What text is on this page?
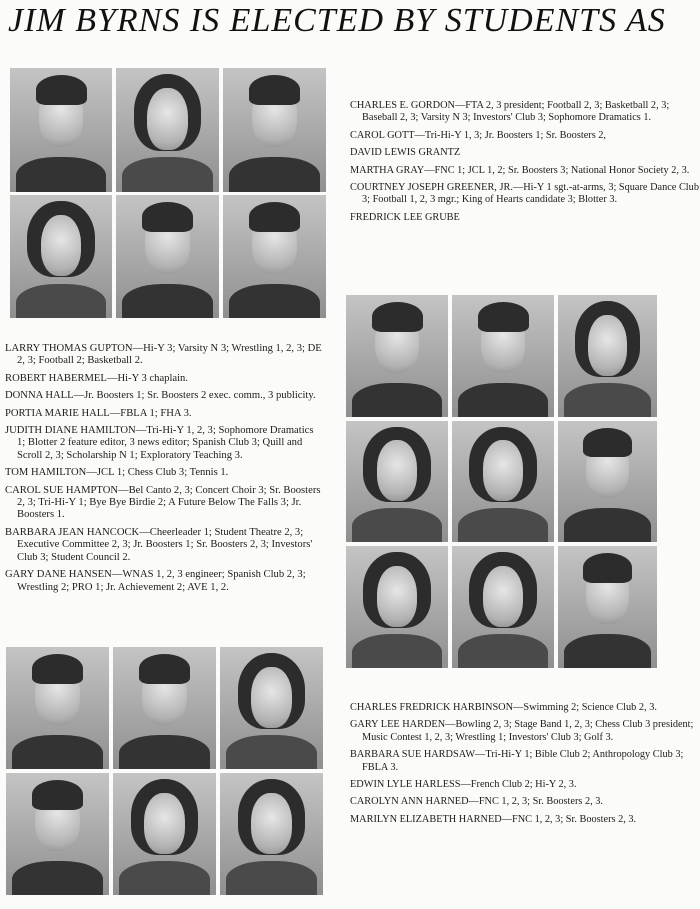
JIM BYRNS IS ELECTED BY STUDENTS AS
CHARLES E. GORDON—FTA 2, 3 president; Football 2, 3; Basketball 2, 3; Baseball 2, 3; Varsity N 3; Investors' Club 3; Sophomore Dramatics 1.
CAROL GOTT—Tri-Hi-Y 1, 3; Jr. Boosters 1; Sr. Boosters 2,
DAVID LEWIS GRANTZ
MARTHA GRAY—FNC 1; JCL 1, 2; Sr. Boosters 3; National Honor Society 2, 3.
COURTNEY JOSEPH GREENER, JR.—Hi-Y 1 sgt.-at-arms, 3; Square Dance Club 3; Football 1, 2, 3 mgr.; King of Hearts candidate 3; Blotter 3.
FREDRICK LEE GRUBE
LARRY THOMAS GUPTON—Hi-Y 3; Varsity N 3; Wrestling 1, 2, 3; DE 2, 3; Football 2; Basketball 2.
ROBERT HABERMEL—Hi-Y 3 chaplain.
DONNA HALL—Jr. Boosters 1; Sr. Boosters 2 exec. comm., 3 publicity.
PORTIA MARIE HALL—FBLA 1; FHA 3.
JUDITH DIANE HAMILTON—Tri-Hi-Y 1, 2, 3; Sophomore Dramatics 1; Blotter 2 feature editor, 3 news editor; Spanish Club 3; Quill and Scroll 2, 3; Scholarship N 1; Exploratory Teaching 3.
TOM HAMILTON—JCL 1; Chess Club 3; Tennis 1.
CAROL SUE HAMPTON—Bel Canto 2, 3; Concert Choir 3; Sr. Boosters 2, 3; Tri-Hi-Y 1; Bye Bye Birdie 2; A Future Below The Falls 3; Jr. Boosters 1.
BARBARA JEAN HANCOCK—Cheerleader 1; Student Theatre 2, 3; Executive Committee 2, 3; Jr. Boosters 1; Sr. Boosters 2, 3; Investors' Club 3; Student Council 2.
GARY DANE HANSEN—WNAS 1, 2, 3 engineer; Spanish Club 2, 3; Wrestling 2; PRO 1; Jr. Achievement 2; AVE 1, 2.
CHARLES FREDRICK HARBINSON—Swimming 2; Science Club 2, 3.
GARY LEE HARDEN—Bowling 2, 3; Stage Band 1, 2, 3; Chess Club 3 president; Music Contest 1, 2, 3; Wrestling 1; Investors' Club 3; Golf 3.
BARBARA SUE HARDSAW—Tri-Hi-Y 1; Bible Club 2; Anthropology Club 3; FBLA 3.
EDWIN LYLE HARLESS—French Club 2; Hi-Y 2, 3.
CAROLYN ANN HARNED—FNC 1, 2, 3; Sr. Boosters 2, 3.
MARILYN ELIZABETH HARNED—FNC 1, 2, 3; Sr. Boosters 2, 3.
